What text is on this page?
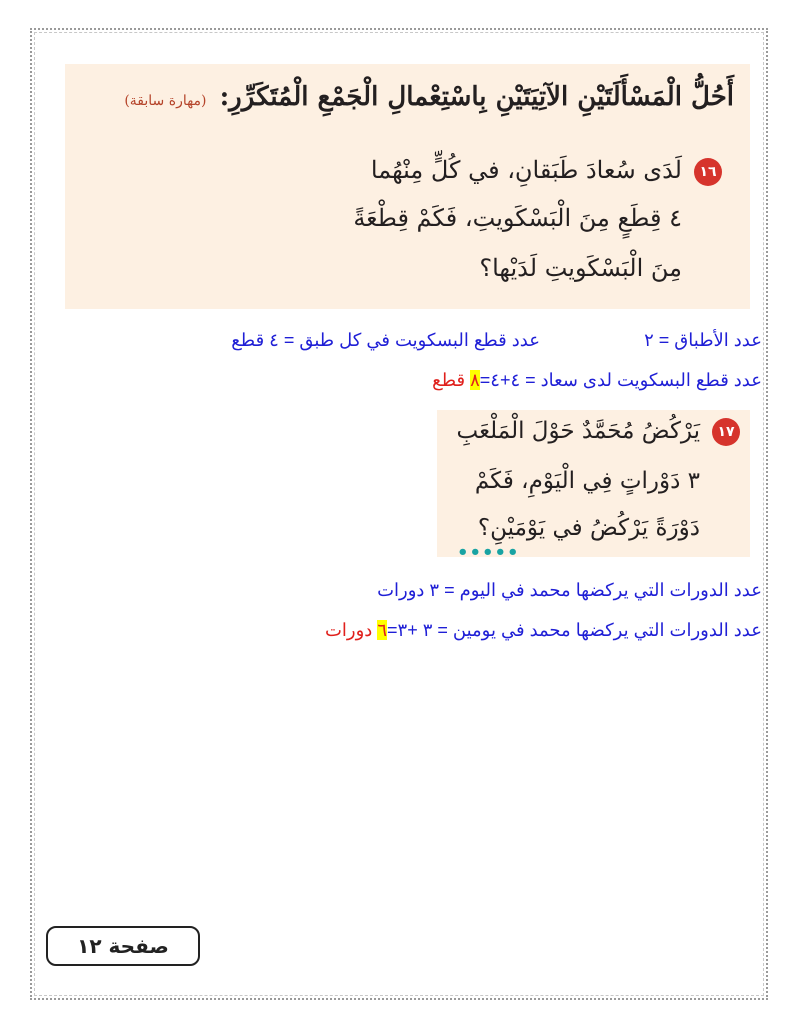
أَحُلُّ الْمَسْأَلَتَيْنِ الآتِيَتَيْنِ بِاسْتِعْمالِ الْجَمْعِ الْمُتَكَرِّرِ: (مهارة سابقة)
١٦لَدَى سُعادَ طَبَقانِ، في كُلٍّ مِنْهُما
٤ قِطَعٍ مِنَ الْبَسْكَويتِ، فَكَمْ قِطْعَةً
مِنَ الْبَسْكَويتِ لَدَيْها؟
عدد الأطباق = ٢
عدد قطع البسكويت في كل طبق = ٤ قطع
عدد قطع البسكويت لدى سعاد = ٤+٤=٨ قطع
١٧يَرْكُضُ مُحَمَّدٌ حَوْلَ الْمَلْعَبِ
٣ دَوْراتٍ فِي الْيَوْمِ، فَكَمْ
دَوْرَةً يَرْكُضُ في يَوْمَيْنِ؟
•••••
عدد الدورات التي يركضها محمد في اليوم = ٣ دورات
عدد الدورات التي يركضها محمد في يومين = ٣ +٣=٦ دورات
صفحة ١٢
